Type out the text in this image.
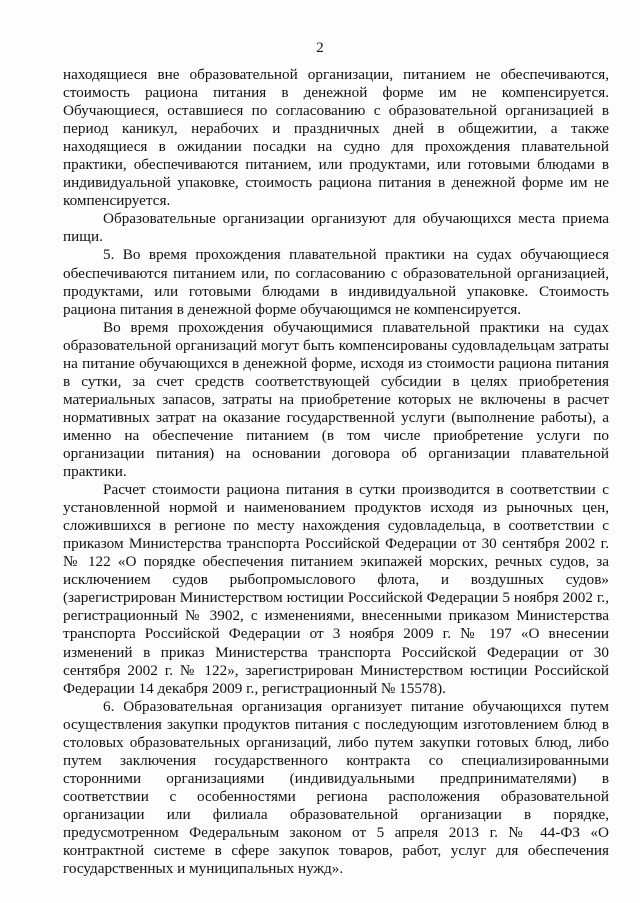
2

находящиеся вне образовательной организации, питанием не обеспечиваются, стоимость рациона питания в денежной форме им не компенсируется. Обучающиеся, оставшиеся по согласованию с образовательной организацией в период каникул, нерабочих и праздничных дней в общежитии, а также находящиеся в ожидании посадки на судно для прохождения плавательной практики, обеспечиваются питанием, или продуктами, или готовыми блюдами в индивидуальной упаковке, стоимость рациона питания в денежной форме им не компенсируется.

Образовательные организации организуют для обучающихся места приема пищи.

5. Во время прохождения плавательной практики на судах обучающиеся обеспечиваются питанием или, по согласованию с образовательной организацией, продуктами, или готовыми блюдами в индивидуальной упаковке. Стоимость рациона питания в денежной форме обучающимся не компенсируется.

Во время прохождения обучающимися плавательной практики на судах образовательной организаций могут быть компенсированы судовладельцам затраты на питание обучающихся в денежной форме, исходя из стоимости рациона питания в сутки, за счет средств соответствующей субсидии в целях приобретения материальных запасов, затраты на приобретение которых не включены в расчет нормативных затрат на оказание государственной услуги (выполнение работы), а именно на обеспечение питанием (в том числе приобретение услуги по организации питания) на основании договора об организации плавательной практики.

Расчет стоимости рациона питания в сутки производится в соответствии с установленной нормой и наименованием продуктов исходя из рыночных цен, сложившихся в регионе по месту нахождения судовладельца, в соответствии с приказом Министерства транспорта Российской Федерации от 30 сентября 2002 г. № 122 «О порядке обеспечения питанием экипажей морских, речных судов, за исключением судов рыбопромыслового флота, и воздушных судов» (зарегистрирован Министерством юстиции Российской Федерации 5 ноября 2002 г., регистрационный № 3902, с изменениями, внесенными приказом Министерства транспорта Российской Федерации от 3 ноября 2009 г. № 197 «О внесении изменений в приказ Министерства транспорта Российской Федерации от 30 сентября 2002 г. № 122», зарегистрирован Министерством юстиции Российской Федерации 14 декабря 2009 г., регистрационный № 15578).

6. Образовательная организация организует питание обучающихся путем осуществления закупки продуктов питания с последующим изготовлением блюд в столовых образовательных организаций, либо путем закупки готовых блюд, либо путем заключения государственного контракта со специализированными сторонними организациями (индивидуальными предпринимателями) в соответствии с особенностями региона расположения образовательной организации или филиала образовательной организации в порядке, предусмотренном Федеральным законом от 5 апреля 2013 г. № 44-ФЗ «О контрактной системе в сфере закупок товаров, работ, услуг для обеспечения государственных и муниципальных нужд».
